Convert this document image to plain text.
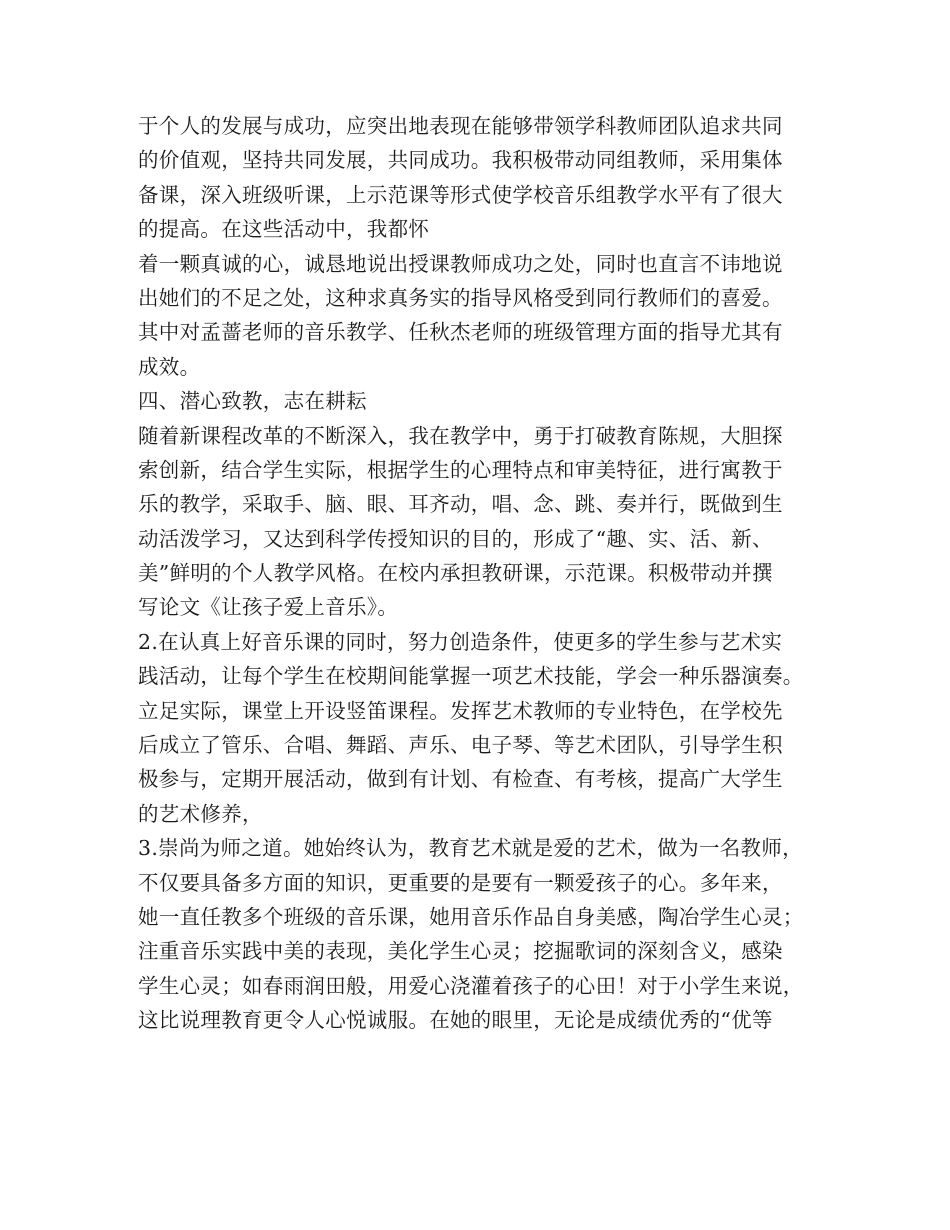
于个人的发展与成功，应突出地表现在能够带领学科教师团队追求共同
的价值观，坚持共同发展，共同成功。我积极带动同组教师，采用集体
备课，深入班级听课，上示范课等形式使学校音乐组教学水平有了很大
的提高。在这些活动中，我都怀
着一颗真诚的心，诚恳地说出授课教师成功之处，同时也直言不讳地说
出她们的不足之处，这种求真务实的指导风格受到同行教师们的喜爱。
其中对孟蔷老师的音乐教学、任秋杰老师的班级管理方面的指导尤其有
成效。
四、潜心致教，志在耕耘
随着新课程改革的不断深入，我在教学中，勇于打破教育陈规，大胆探
索创新，结合学生实际，根据学生的心理特点和审美特征，进行寓教于
乐的教学，采取手、脑、眼、耳齐动，唱、念、跳、奏并行，既做到生
动活泼学习，又达到科学传授知识的目的，形成了“趣、实、活、新、
美”鲜明的个人教学风格。在校内承担教研课，示范课。积极带动并撰
写论文《让孩子爱上音乐》。
2.在认真上好音乐课的同时，努力创造条件，使更多的学生参与艺术实
践活动，让每个学生在校期间能掌握一项艺术技能，学会一种乐器演奏。
立足实际，课堂上开设竖笛课程。发挥艺术教师的专业特色，在学校先
后成立了管乐、合唱、舞蹈、声乐、电子琴、等艺术团队，引导学生积
极参与，定期开展活动，做到有计划、有检查、有考核，提高广大学生
的艺术修养，
3.崇尚为师之道。她始终认为，教育艺术就是爱的艺术，做为一名教师，
不仅要具备多方面的知识，更重要的是要有一颗爱孩子的心。多年来，
她一直任教多个班级的音乐课，她用音乐作品自身美感，陶冶学生心灵；
注重音乐实践中美的表现，美化学生心灵；挖掘歌词的深刻含义，感染
学生心灵；如春雨润田般，用爱心浇灌着孩子的心田！对于小学生来说，
这比说理教育更令人心悦诚服。在她的眼里，无论是成绩优秀的“优等
